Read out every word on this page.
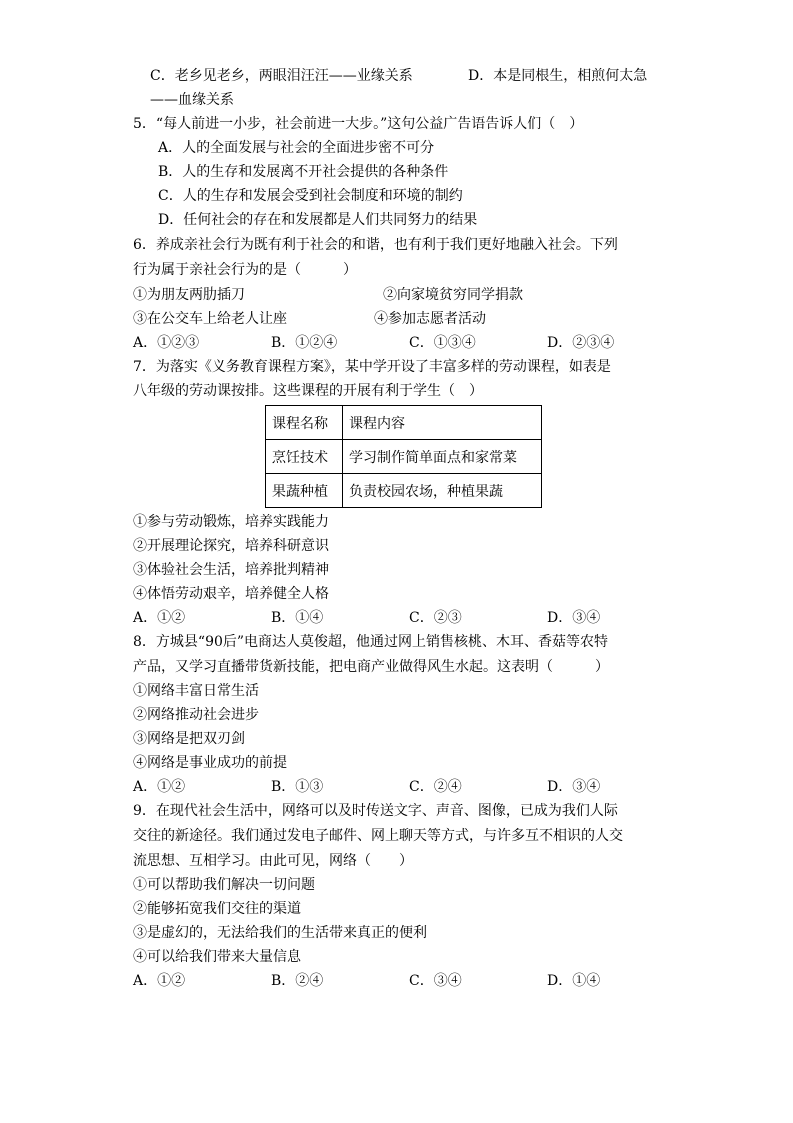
C．老乡见老乡，两眼泪汪汪——业缘关系	D．本是同根生，相煎何太急
——血缘关系
5．“每人前进一小步，社会前进一大步。”这句公益广告语告诉人们（　）
A．人的全面发展与社会的全面进步密不可分
B．人的生存和发展离不开社会提供的各种条件
C．人的生存和发展会受到社会制度和环境的制约
D．任何社会的存在和发展都是人们共同努力的结果
6．养成亲社会行为既有利于社会的和谐，也有利于我们更好地融入社会。下列
行为属于亲社会行为的是（　　　）
①为朋友两肋插刀	②向家境贫穷同学捐款
③在公交车上给老人让座	④参加志愿者活动
A．①②③	B．①②④	C．①③④	D．②③④
7．为落实《义务教育课程方案》，某中学开设了丰富多样的劳动课程，如表是
八年级的劳动课按排。这些课程的开展有利于学生（　）
课程名称	课程内容
烹饪技术	学习制作简单面点和家常菜
果蔬种植	负责校园农场，种植果蔬
①参与劳动锻炼，培养实践能力
②开展理论探究，培养科研意识
③体验社会生活，培养批判精神
④体悟劳动艰辛，培养健全人格
A．①②	B．①④	C．②③	D．③④
8．方城县“90后”电商达人莫俊超，他通过网上销售核桃、木耳、香菇等农特
产品，又学习直播带货新技能，把电商产业做得风生水起。这表明（　　　）
①网络丰富日常生活
②网络推动社会进步
③网络是把双刃剑
④网络是事业成功的前提
A．①②	B．①③	C．②④	D．③④
9．在现代社会生活中，网络可以及时传送文字、声音、图像，已成为我们人际
交往的新途径。我们通过发电子邮件、网上聊天等方式，与许多互不相识的人交
流思想、互相学习。由此可见，网络（　　）
①可以帮助我们解决一切问题
②能够拓宽我们交往的渠道
③是虚幻的，无法给我们的生活带来真正的便利
④可以给我们带来大量信息
A．①②	B．②④	C．③④	D．①④
